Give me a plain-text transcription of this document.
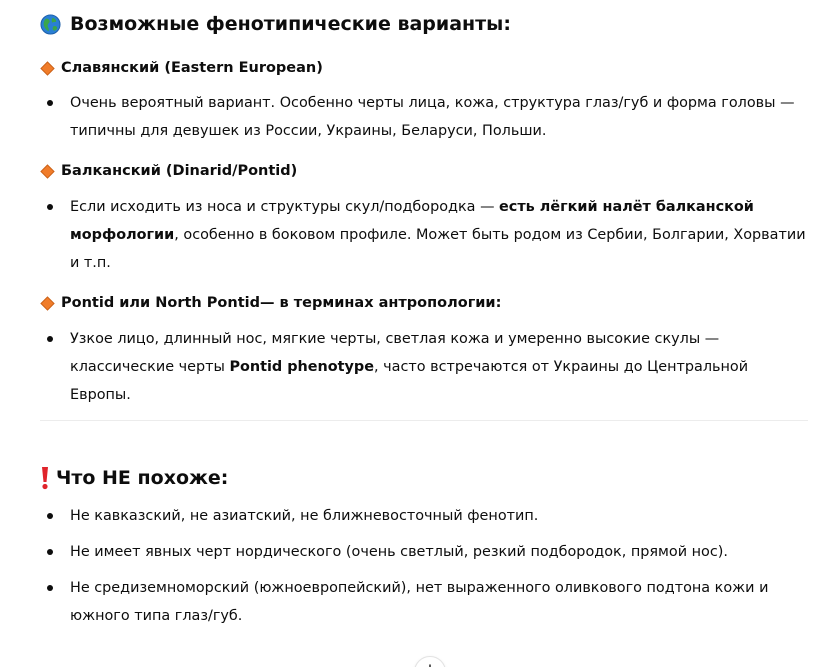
Возможные фенотипические варианты:
Славянский (Eastern European)
Очень вероятный вариант. Особенно черты лица, кожа, структура глаз/губ и форма головы — типичны для девушек из России, Украины, Беларуси, Польши.
Балканский (Dinarid/Pontid)
Если исходить из носа и структуры скул/подбородка — есть лёгкий налёт балканской морфологии, особенно в боковом профиле. Может быть родом из Сербии, Болгарии, Хорватии и т.п.
Pontid или North Pontid — в терминах антропологии:
Узкое лицо, длинный нос, мягкие черты, светлая кожа и умеренно высокие скулы — классические черты Pontid phenotype, часто встречаются от Украины до Центральной Европы.
Что НЕ похоже:
Не кавказский, не азиатский, не ближневосточный фенотип.
Не имеет явных черт нордического (очень светлый, резкий подбородок, прямой нос).
Не средиземноморский (южноевропейский), нет выраженного оливкового подтона кожи и южного типа глаз/губ.
